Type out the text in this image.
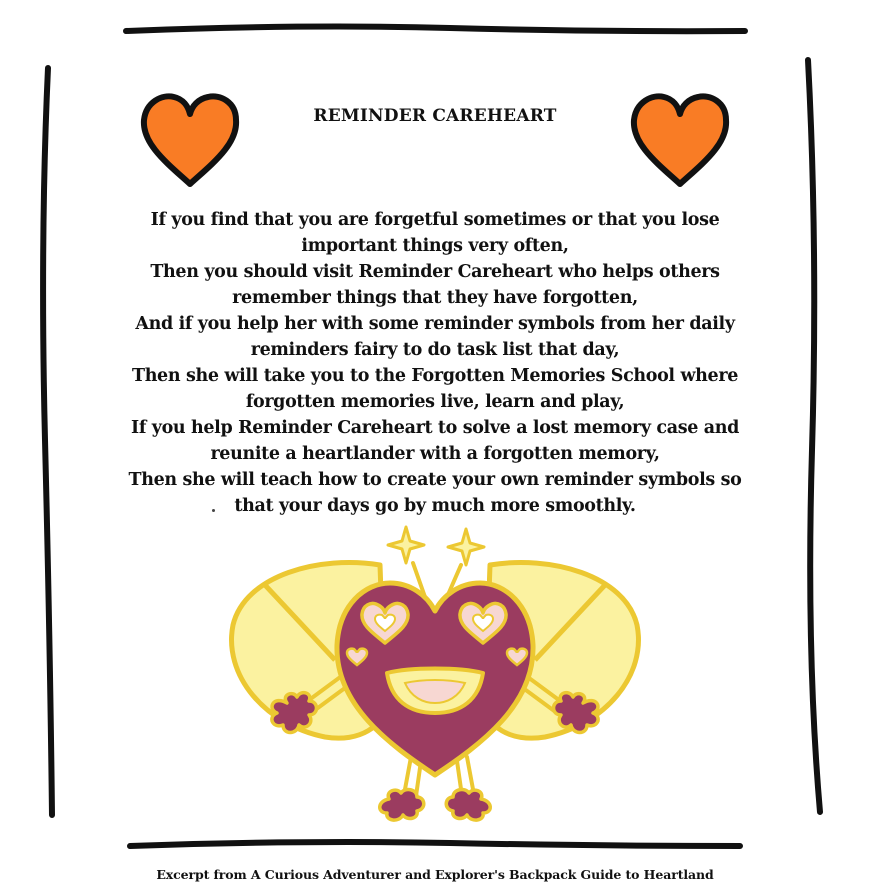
REMINDER CAREHEART
If you find that you are forgetful sometimes or that you lose
important things very often,
Then you should visit Reminder Careheart who helps others
remember things that they have forgotten,
And if you help her with some reminder symbols from her daily
reminders fairy to do task list that day,
Then she will take you to the Forgotten Memories School where
forgotten memories live, learn and play,
If you help Reminder Careheart to solve a lost memory case and
reunite a heartlander with a forgotten memory,
Then she will teach how to create your own reminder symbols so
that your days go by much more smoothly.
Excerpt from A Curious Adventurer and Explorer's Backpack Guide to Heartland
